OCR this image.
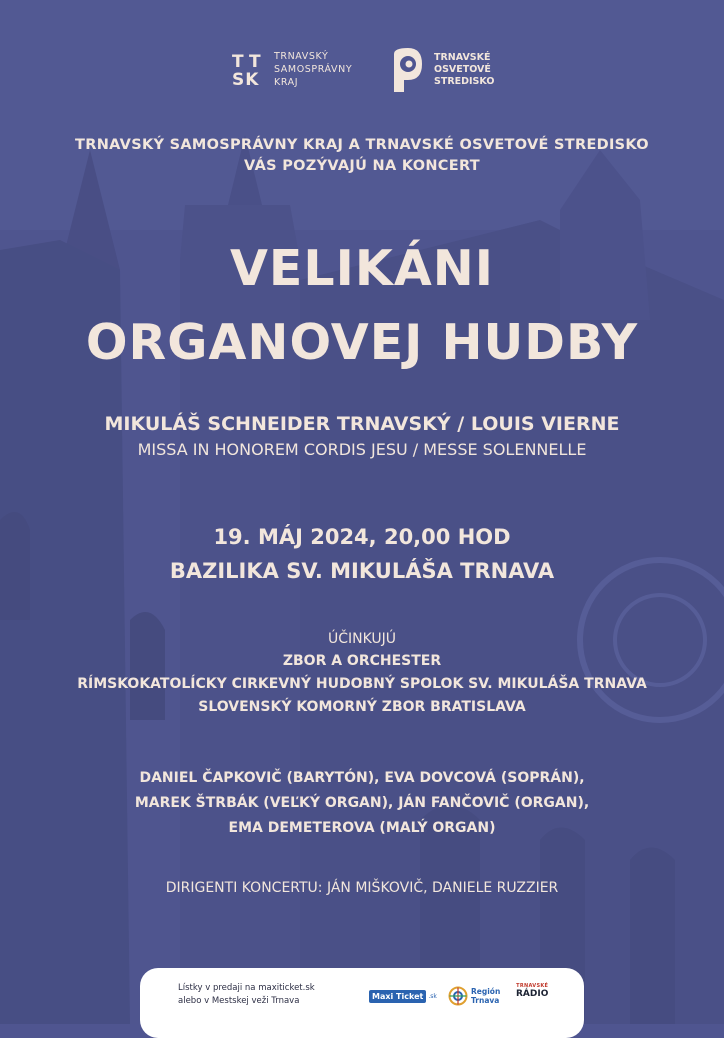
T T
SK
TRNAVSKÝ
SAMOSPRÁVNY
KRAJ
TRNAVSKÉ
OSVETOVÉ
STREDISKO
TRNAVSKÝ SAMOSPRÁVNY KRAJ A TRNAVSKÉ OSVETOVÉ STREDISKO
VÁS POZÝVAJÚ NA KONCERT
VELIKÁNI
ORGANOVEJ HUDBY
MIKULÁŠ SCHNEIDER TRNAVSKÝ / LOUIS VIERNE
MISSA IN HONOREM CORDIS JESU / MESSE SOLENNELLE
19. MÁJ 2024, 20,00 HOD
BAZILIKA SV. MIKULÁŠA TRNAVA
ÚČINKUJÚ
ZBOR A ORCHESTER
RÍMSKOKATOLÍCKY CIRKEVNÝ HUDOBNÝ SPOLOK SV. MIKULÁŠA TRNAVA
SLOVENSKÝ KOMORNÝ ZBOR BRATISLAVA
DANIEL ČAPKOVIČ (BARYTÓN), EVA DOVCOVÁ (SOPRÁN),
MAREK ŠTRBÁK (VEĽKÝ ORGAN), JÁN FANČOVIČ (ORGAN),
EMA DEMETEROVA (MALÝ ORGAN)
DIRIGENTI KONCERTU: JÁN MIŠKOVIČ, DANIELE RUZZIER
Lístky v predaji na maxiticket.sk
alebo v Mestskej veži Trnava	Maxi Ticket .sk
Región
Trnava
TRNAVSKÉ
RÁDIO
